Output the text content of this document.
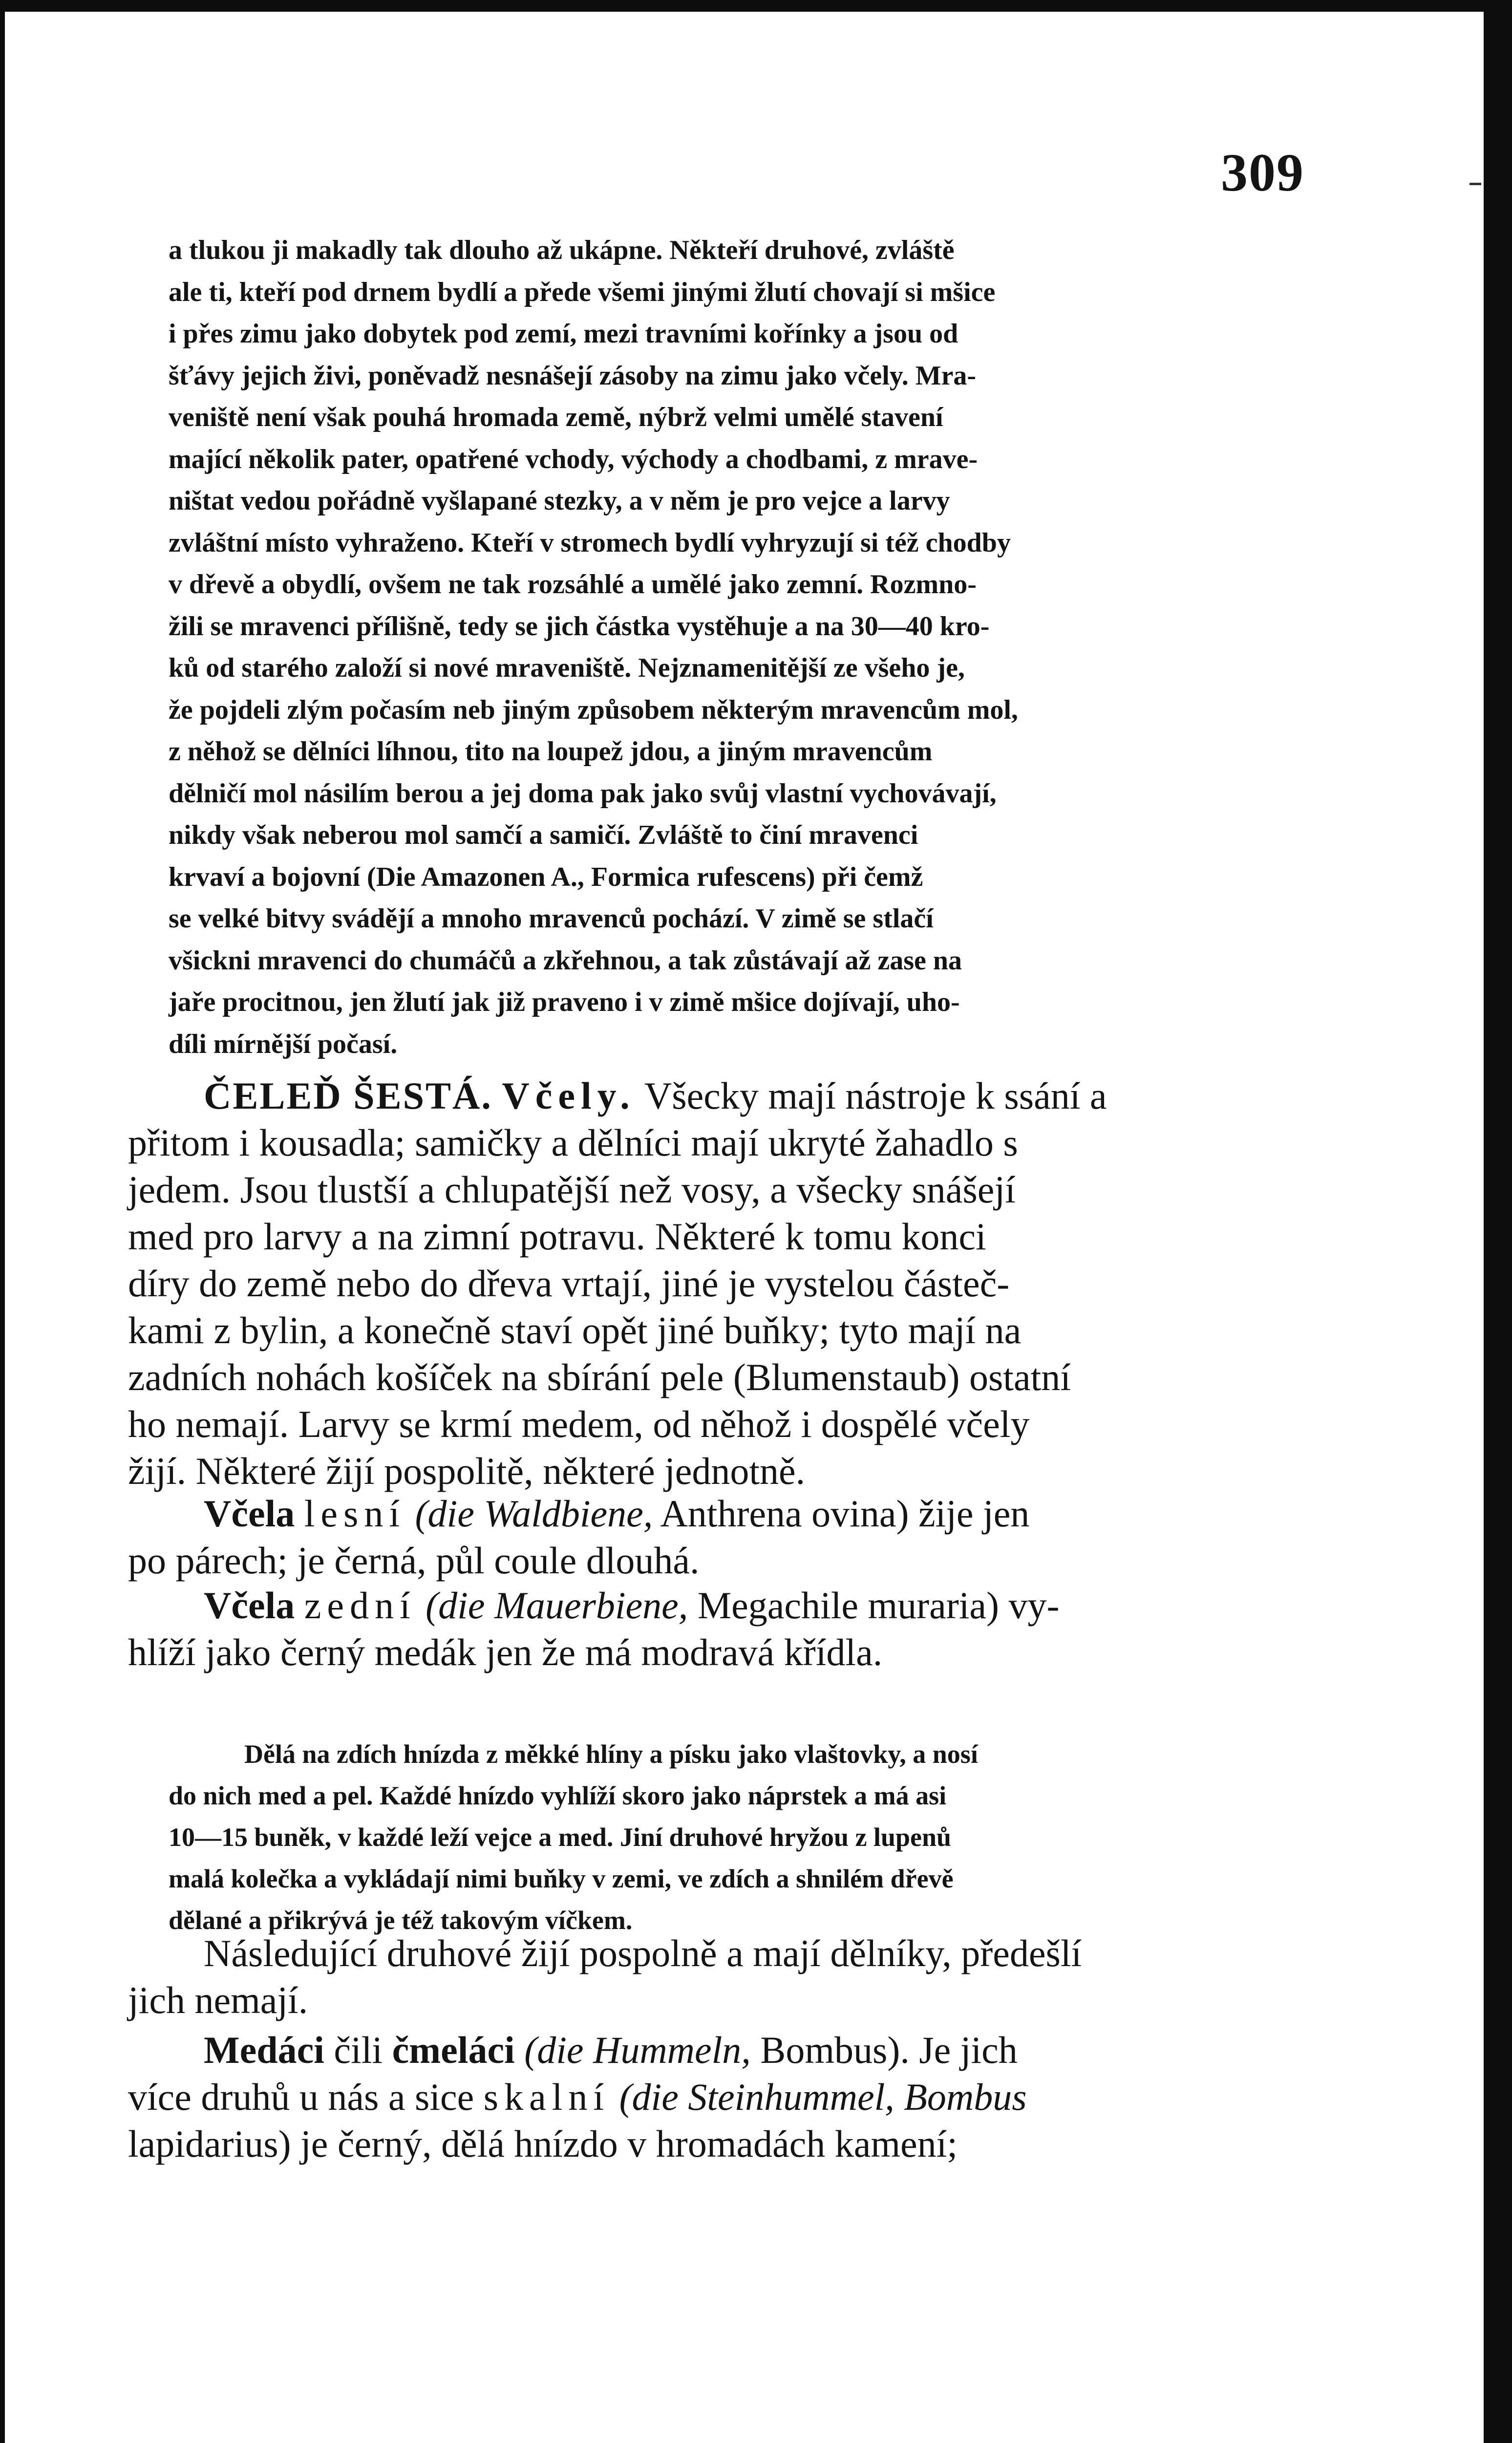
309
a tlukou ji makadly tak dlouho až ukápne. Někteří druhové, zvláště
ale ti, kteří pod drnem bydlí a přede všemi jinými žlutí chovají si mšice
i přes zimu jako dobytek pod zemí, mezi travními kořínky a jsou od
šťávy jejich živi, poněvadž nesnášejí zásoby na zimu jako včely. Mra-
veniště není však pouhá hromada země, nýbrž velmi umělé stavení
mající několik pater, opatřené vchody, východy a chodbami, z mrave-
ništat vedou pořádně vyšlapané stezky, a v něm je pro vejce a larvy
zvláštní místo vyhraženo. Kteří v stromech bydlí vyhryzují si též chodby
v dřevě a obydlí, ovšem ne tak rozsáhlé a umělé jako zemní. Rozmno-
žili se mravenci přílišně, tedy se jich částka vystěhuje a na 30—40 kro-
ků od starého založí si nové mraveniště. Nejznamenitější ze všeho je,
že pojdeli zlým počasím neb jiným způsobem některým mravencům mol,
z něhož se dělníci líhnou, tito na loupež jdou, a jiným mravencům
dělničí mol násilím berou a jej doma pak jako svůj vlastní vychovávají,
nikdy však neberou mol samčí a samičí. Zvláště to činí mravenci
krvaví a bojovní (Die Amazonen A., Formica rufescens) při čemž
se velké bitvy svádějí a mnoho mravenců pochází. V zimě se stlačí
všickni mravenci do chumáčů a zkřehnou, a tak zůstávají až zase na
jaře procitnou, jen žlutí jak již praveno i v zimě mšice dojívají, uho-
díli mírnější počasí.
ČELEĎ ŠESTÁ. Včely. Všecky mají nástroje k ssání a
přitom i kousadla; samičky a dělníci mají ukryté žahadlo s
jedem. Jsou tlustší a chlupatější než vosy, a všecky snášejí
med pro larvy a na zimní potravu. Některé k tomu konci
díry do země nebo do dřeva vrtají, jiné je vystelou částeč-
kami z bylin, a konečně staví opět jiné buňky; tyto mají na
zadních nohách košíček na sbírání pele (Blumenstaub) ostatní
ho nemají. Larvy se krmí medem, od něhož i dospělé včely
žijí. Některé žijí pospolitě, některé jednotně.
Včela lesní (die Waldbiene, Anthrena ovina) žije jen
po párech; je černá, půl coule dlouhá.
Včela zední (die Mauerbiene, Megachile muraria) vy-
hlíží jako černý medák jen že má modravá křídla.
Dělá na zdích hnízda z měkké hlíny a písku jako vlaštovky, a nosí
do nich med a pel. Každé hnízdo vyhlíží skoro jako náprstek a má asi
10—15 buněk, v každé leží vejce a med. Jiní druhové hryžou z lupenů
malá kolečka a vykládají nimi buňky v zemi, ve zdích a shnilém dřevě
dělané a přikrývá je též takovým víčkem.
Následující druhové žijí pospolně a mají dělníky, předešlí
jich nemají.
Medáci čili čmeláci (die Hummeln, Bombus). Je jich
více druhů u nás a sice skalní (die Steinhummel, Bombus
lapidarius) je černý, dělá hnízdo v hromadách kamení;
